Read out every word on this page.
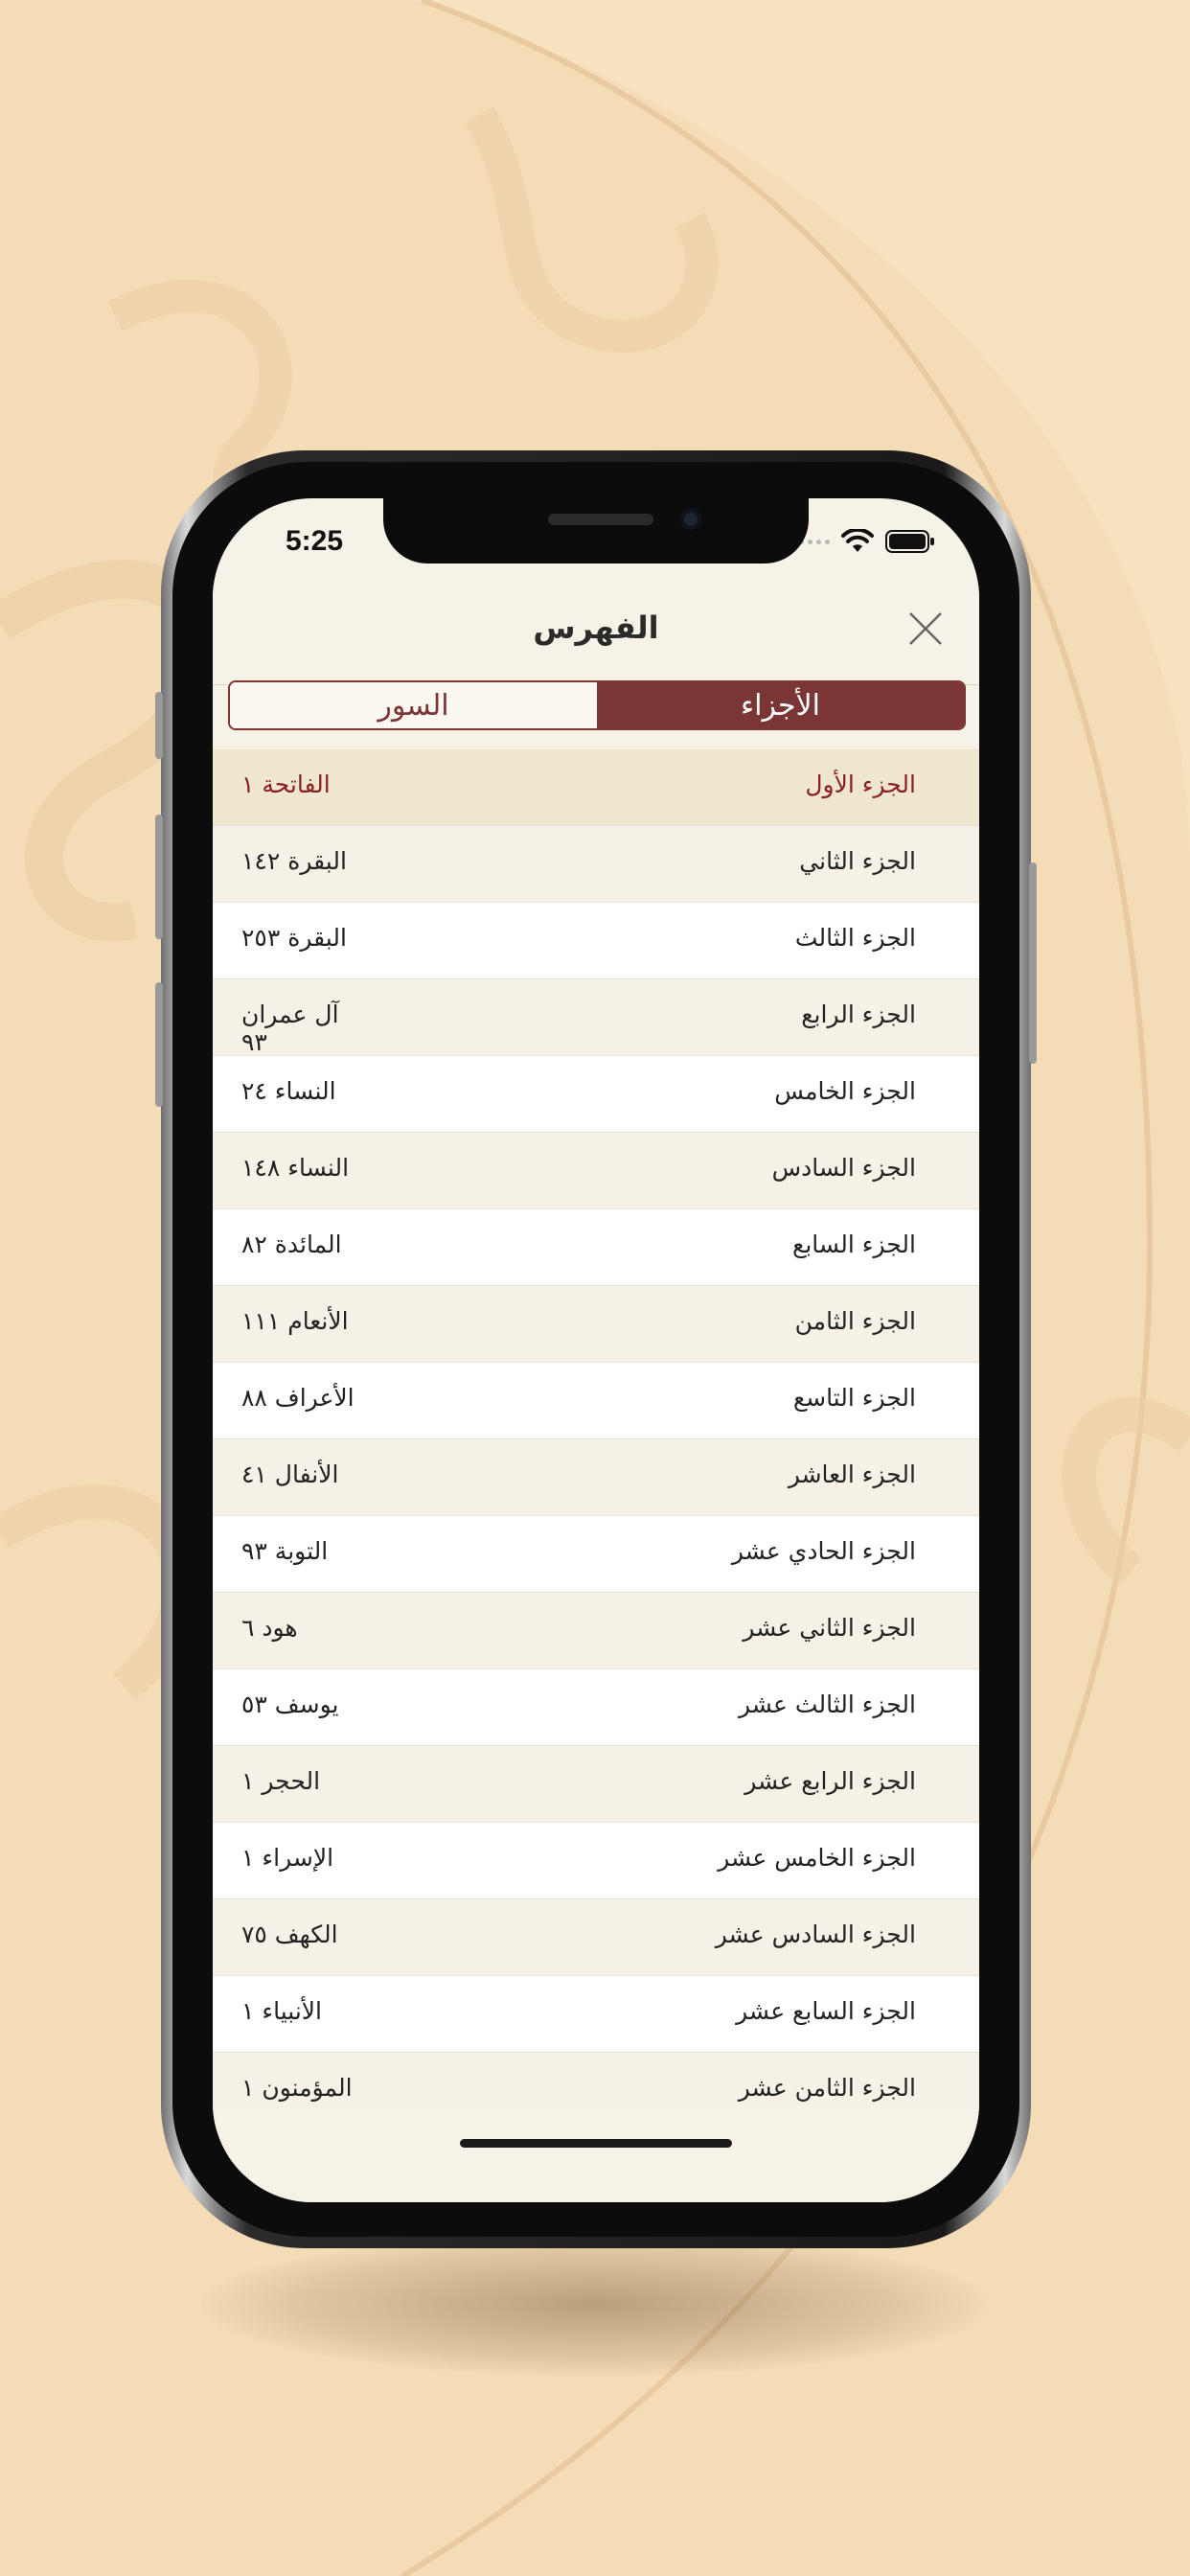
5:25
الفهرس
الأجزاء
السور
الجزء الأول
الفاتحة ١
الجزء الثاني
البقرة ١٤٢
الجزء الثالث
البقرة ٢٥٣
الجزء الرابع
آل عمران ٩٣
الجزء الخامس
النساء ٢٤
الجزء السادس
النساء ١٤٨
الجزء السابع
المائدة ٨٢
الجزء الثامن
الأنعام ١١١
الجزء التاسع
الأعراف ٨٨
الجزء العاشر
الأنفال ٤١
الجزء الحادي عشر
التوبة ٩٣
الجزء الثاني عشر
هود ٦
الجزء الثالث عشر
يوسف ٥٣
الجزء الرابع عشر
الحجر ١
الجزء الخامس عشر
الإسراء ١
الجزء السادس عشر
الكهف ٧٥
الجزء السابع عشر
الأنبياء ١
الجزء الثامن عشر
المؤمنون ١
